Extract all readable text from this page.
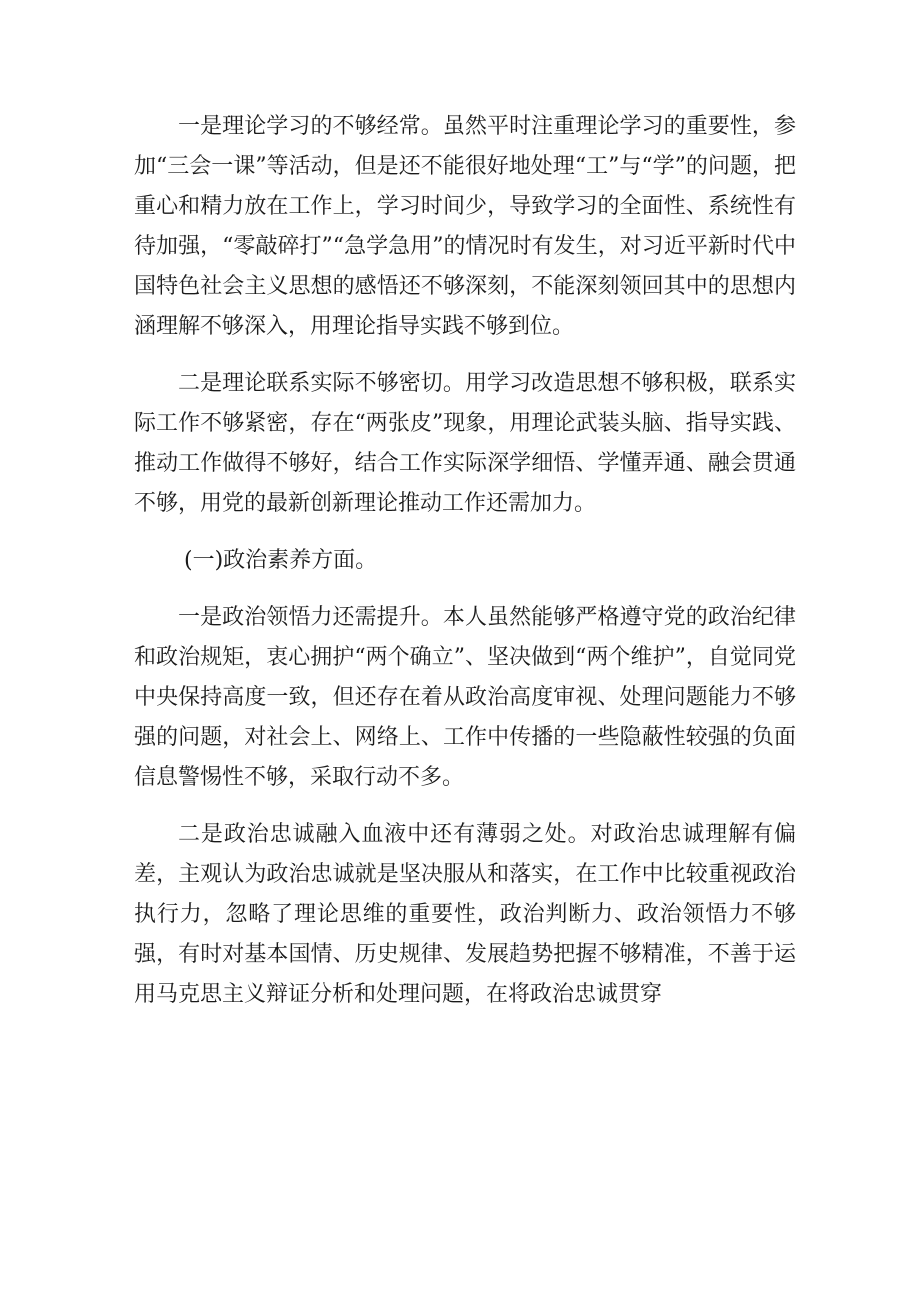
一是理论学习的不够经常。虽然平时注重理论学习的重要性，参加“三会一课”等活动，但是还不能很好地处理“工”与“学”的问题，把重心和精力放在工作上，学习时间少，导致学习的全面性、系统性有待加强，“零敲碎打”“急学急用”的情况时有发生，对习近平新时代中国特色社会主义思想的感悟还不够深刻，不能深刻领回其中的思想内涵理解不够深入，用理论指导实践不够到位。

二是理论联系实际不够密切。用学习改造思想不够积极，联系实际工作不够紧密，存在“两张皮”现象，用理论武装头脑、指导实践、推动工作做得不够好，结合工作实际深学细悟、学懂弄通、融会贯通不够，用党的最新创新理论推动工作还需加力。

(一)政治素养方面。

一是政治领悟力还需提升。本人虽然能够严格遵守党的政治纪律和政治规矩，衷心拥护“两个确立”、坚决做到“两个维护”，自觉同党中央保持高度一致，但还存在着从政治高度审视、处理问题能力不够强的问题，对社会上、网络上、工作中传播的一些隐蔽性较强的负面信息警惕性不够，采取行动不多。

二是政治忠诚融入血液中还有薄弱之处。对政治忠诚理解有偏差，主观认为政治忠诚就是坚决服从和落实，在工作中比较重视政治执行力，忽略了理论思维的重要性，政治判断力、政治领悟力不够强，有时对基本国情、历史规律、发展趋势把握不够精准，不善于运用马克思主义辩证分析和处理问题，在将政治忠诚贯穿
